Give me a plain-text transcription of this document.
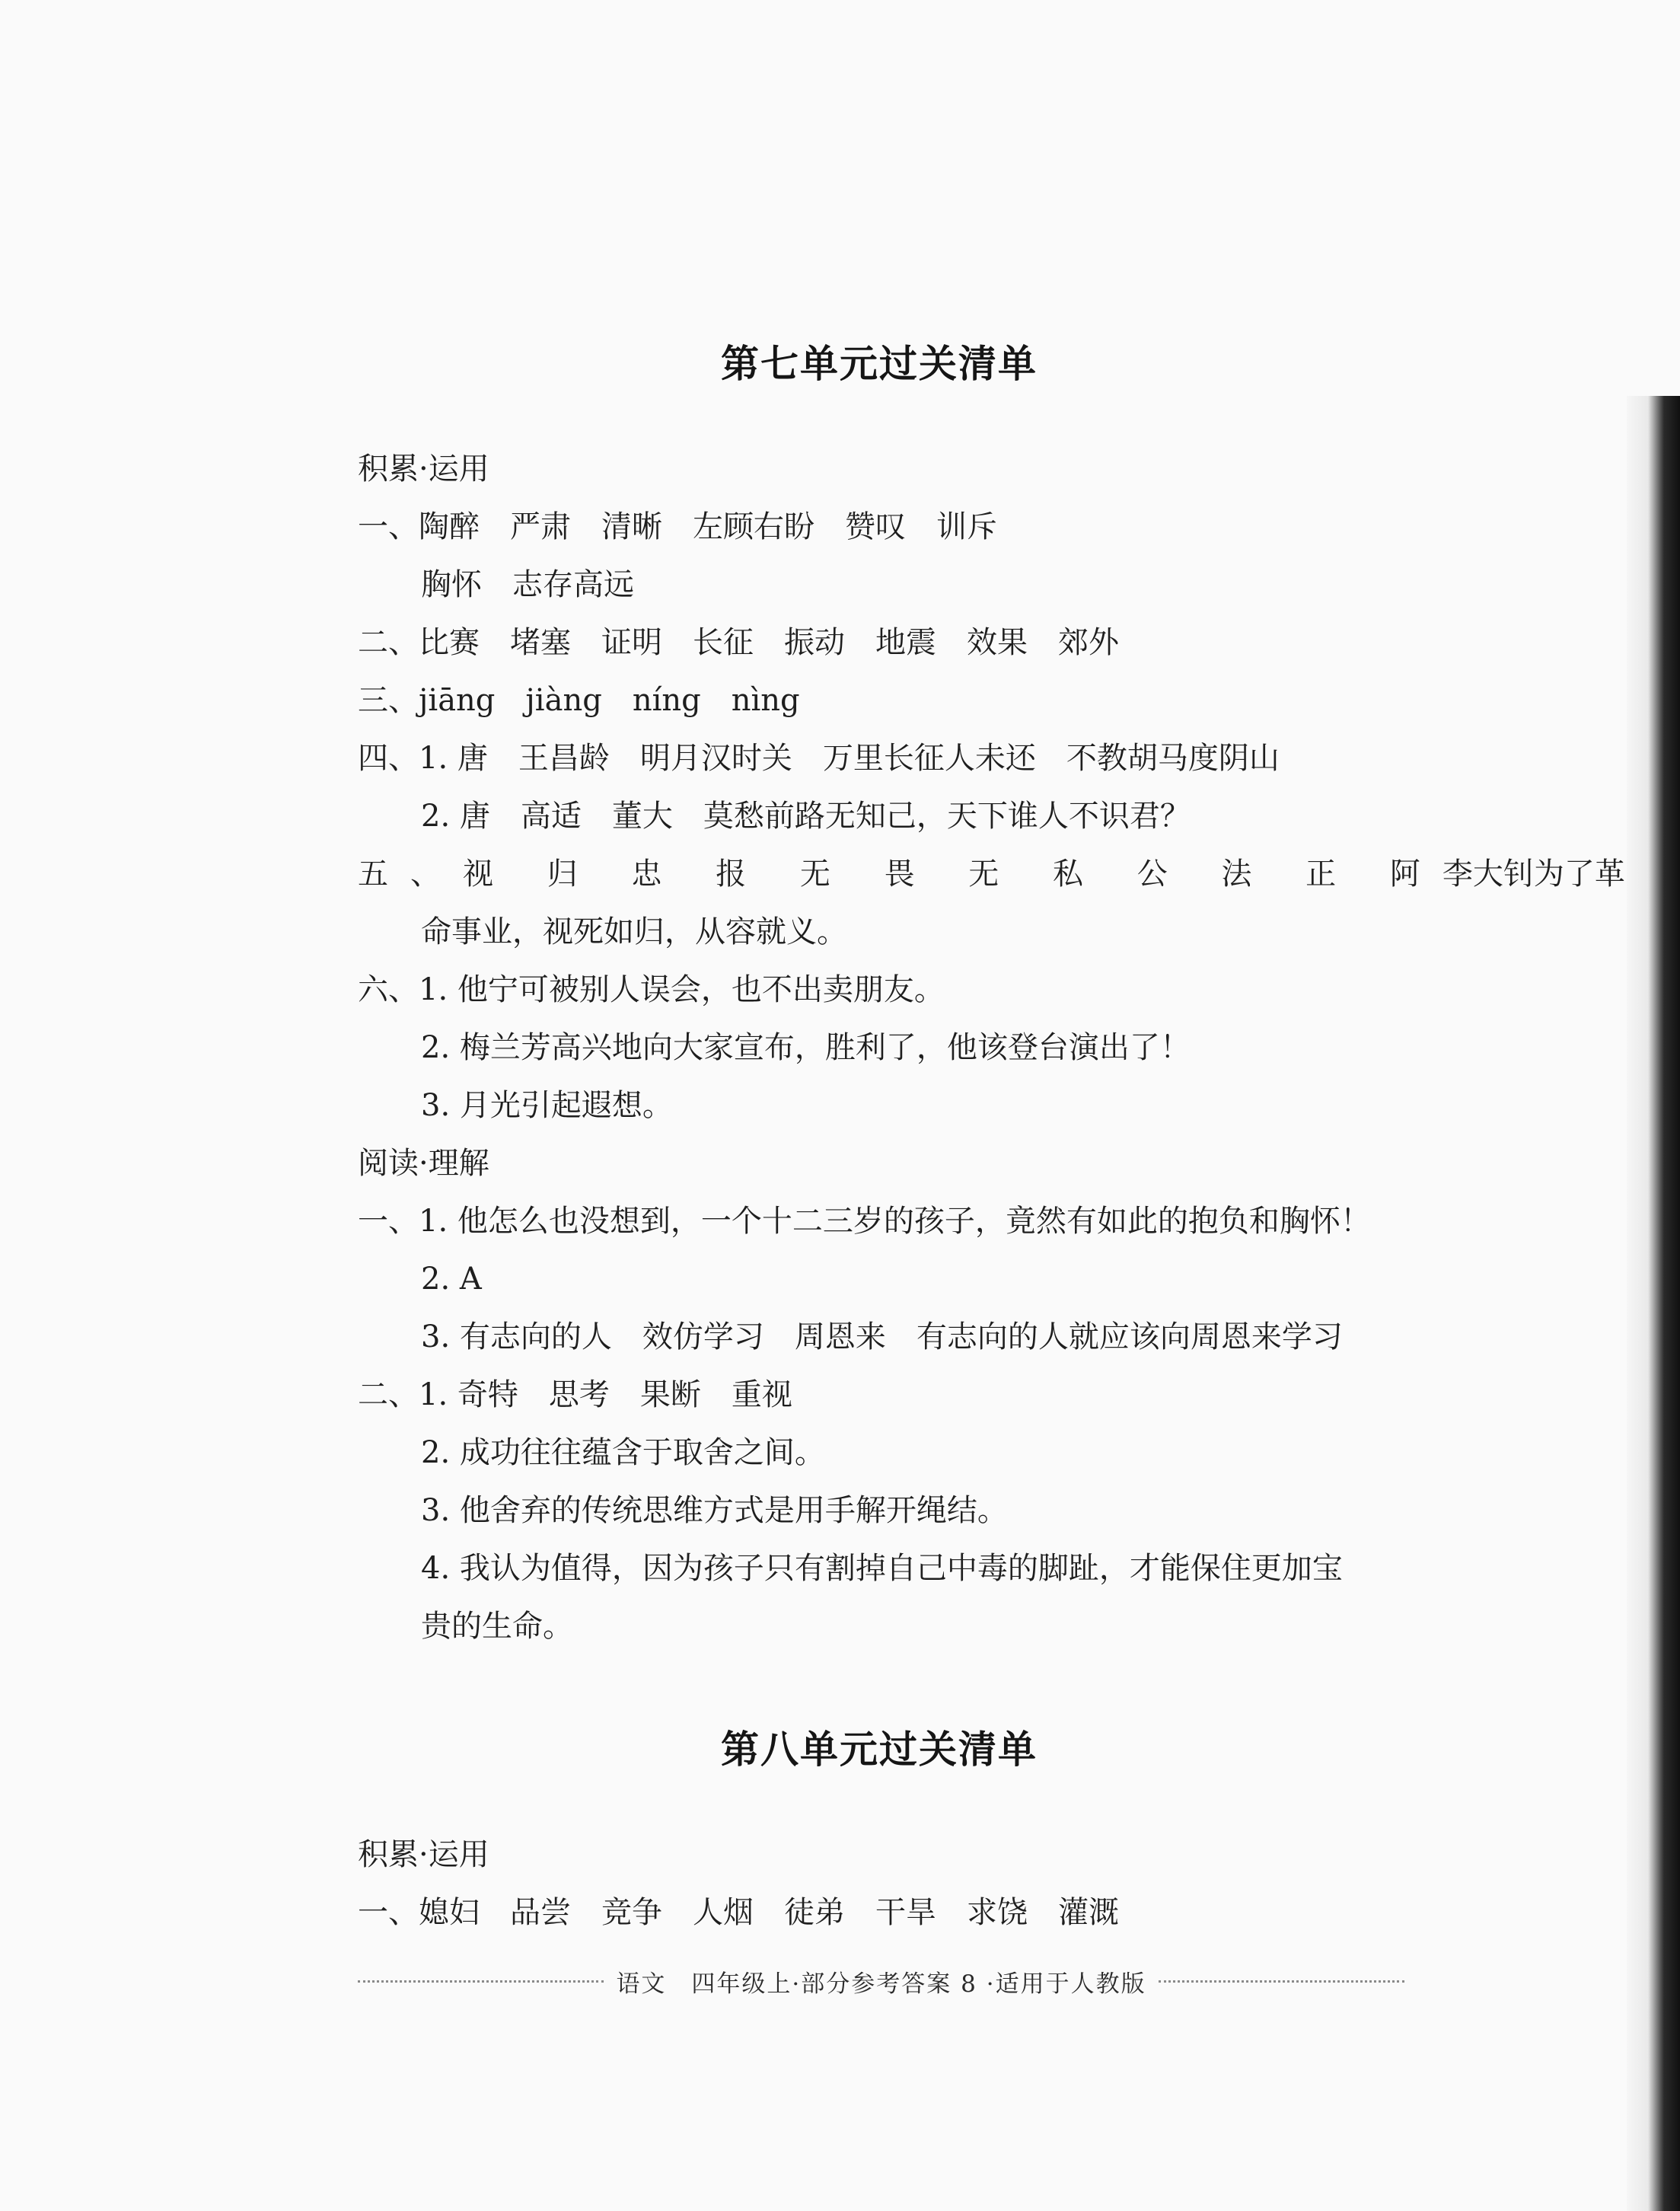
第七单元过关清单
积累·运用
一、陶醉　严肃　清晰　左顾右盼　赞叹　训斥
胸怀　志存高远
二、比赛　堵塞　证明　长征　振动　地震　效果　郊外
三、jiāng　jiàng　níng　nìng
四、1. 唐　王昌龄　明月汉时关　万里长征人未还　不教胡马度阴山
2. 唐　高适　董大　莫愁前路无知己，天下谁人不识君？
五、视 归 忠 报 无 畏 无 私 公 法 正 阿李大钊为了革
命事业，视死如归，从容就义。
六、1. 他宁可被别人误会，也不出卖朋友。
2. 梅兰芳高兴地向大家宣布，胜利了，他该登台演出了！
3. 月光引起遐想。
阅读·理解
一、1. 他怎么也没想到，一个十二三岁的孩子，竟然有如此的抱负和胸怀！
2. A
3. 有志向的人　效仿学习　周恩来　有志向的人就应该向周恩来学习
二、1. 奇特　思考　果断　重视
2. 成功往往蕴含于取舍之间。
3. 他舍弃的传统思维方式是用手解开绳结。
4. 我认为值得，因为孩子只有割掉自己中毒的脚趾，才能保住更加宝
贵的生命。
第八单元过关清单
积累·运用
一、媳妇　品尝　竞争　人烟　徒弟　干旱　求饶　灌溉
语文　四年级上·部分参考答案 8 ·适用于人教版
